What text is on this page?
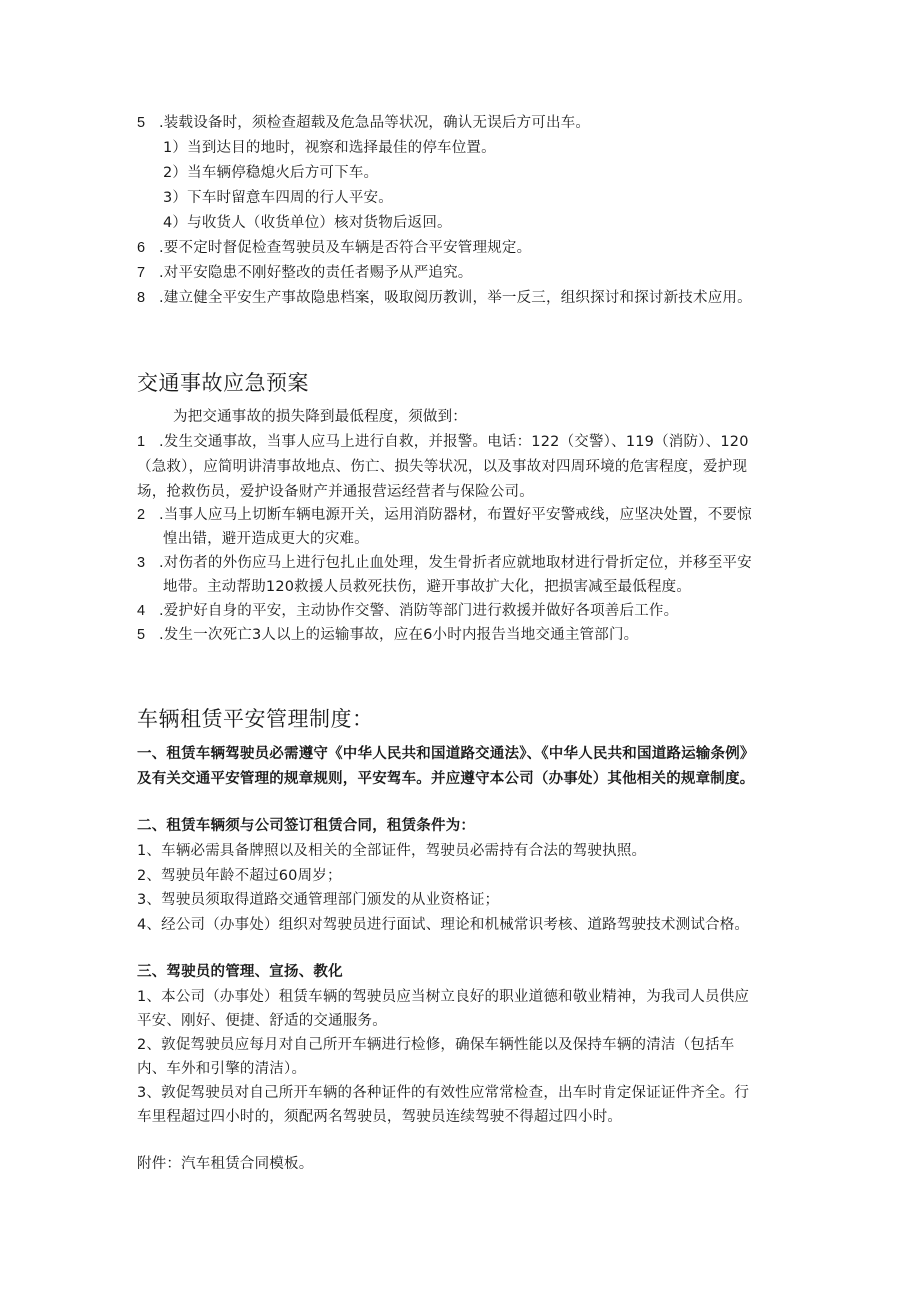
5 .装载设备时，须检查超载及危急品等状况，确认无误后方可出车。
1）当到达目的地时，视察和选择最佳的停车位置。
2）当车辆停稳熄火后方可下车。
3）下车时留意车四周的行人平安。
4）与收货人（收货单位）核对货物后返回。
6 .要不定时督促检查驾驶员及车辆是否符合平安管理规定。
7 .对平安隐患不刚好整改的责任者赐予从严追究。
8 .建立健全平安生产事故隐患档案，吸取阅历教训，举一反三，组织探讨和探讨新技术应用。
交通事故应急预案
为把交通事故的损失降到最低程度，须做到：
1 .发生交通事故，当事人应马上进行自救，并报警。电话：122（交警）、119（消防）、120
（急救），应简明讲清事故地点、伤亡、损失等状况，以及事故对四周环境的危害程度，爱护现
场，抢救伤员，爱护设备财产并通报营运经营者与保险公司。
2 .当事人应马上切断车辆电源开关，运用消防器材，布置好平安警戒线，应坚决处置，不要惊
惶出错，避开造成更大的灾难。
3 .对伤者的外伤应马上进行包扎止血处理，发生骨折者应就地取材进行骨折定位，并移至平安
地带。主动帮助120救援人员救死扶伤，避开事故扩大化，把损害减至最低程度。
4 .爱护好自身的平安，主动协作交警、消防等部门进行救援并做好各项善后工作。
5 .发生一次死亡3人以上的运输事故，应在6小时内报告当地交通主管部门。
车辆租赁平安管理制度：
一、租赁车辆驾驶员必需遵守《中华人民共和国道路交通法》、《中华人民共和国道路运输条例》
及有关交通平安管理的规章规则，平安驾车。并应遵守本公司（办事处）其他相关的规章制度。
二、租赁车辆须与公司签订租赁合同，租赁条件为：
1、车辆必需具备牌照以及相关的全部证件，驾驶员必需持有合法的驾驶执照。
2、驾驶员年龄不超过60周岁；
3、驾驶员须取得道路交通管理部门颁发的从业资格证；
4、经公司（办事处）组织对驾驶员进行面试、理论和机械常识考核、道路驾驶技术测试合格。
三、驾驶员的管理、宣扬、教化
1、本公司（办事处）租赁车辆的驾驶员应当树立良好的职业道德和敬业精神，为我司人员供应
平安、刚好、便捷、舒适的交通服务。
2、敦促驾驶员应每月对自己所开车辆进行检修，确保车辆性能以及保持车辆的清洁（包括车
内、车外和引擎的清洁）。
3、敦促驾驶员对自己所开车辆的各种证件的有效性应常常检查，出车时肯定保证证件齐全。行
车里程超过四小时的，须配两名驾驶员，驾驶员连续驾驶不得超过四小时。
附件：汽车租赁合同模板。
